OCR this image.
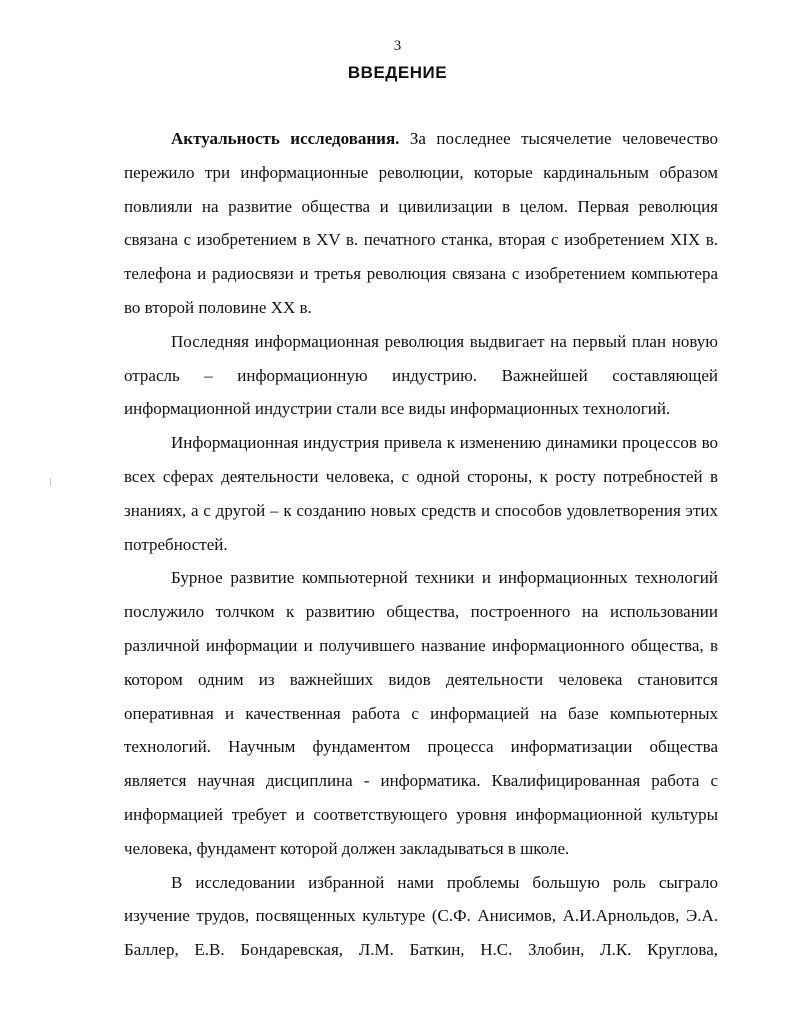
3
ВВЕДЕНИЕ

Актуальность исследования. За последнее тысячелетие человечество пережило три информационные революции, которые кардинальным образом повлияли на развитие общества и цивилизации в целом. Первая революция связана с изобретением в XV в. печатного станка, вторая с изобретением XIX в. телефона и радиосвязи и третья революция связана с изобретением компьютера во второй половине XX в.

Последняя информационная революция выдвигает на первый план новую отрасль – информационную индустрию. Важнейшей составляющей информационной индустрии стали все виды информационных технологий.

Информационная индустрия привела к изменению динамики процессов во всех сферах деятельности человека, с одной стороны, к росту потребностей в знаниях, а с другой – к созданию новых средств и способов удовлетворения этих потребностей.

Бурное развитие компьютерной техники и информационных технологий послужило толчком к развитию общества, построенного на использовании различной информации и получившего название информационного общества, в котором одним из важнейших видов деятельности человека становится оперативная и качественная работа с информацией на базе компьютерных технологий. Научным фундаментом процесса информатизации общества является научная дисциплина - информатика. Квалифицированная работа с информацией требует и соответствующего уровня информационной культуры человека, фундамент которой должен закладываться в школе.

В исследовании избранной нами проблемы большую роль сыграло изучение трудов, посвященных культуре (С.Ф. Анисимов, А.И.Арнольдов, Э.А. Баллер, Е.В. Бондаревская, Л.М. Баткин, Н.С. Злобин, Л.К. Круглова,
